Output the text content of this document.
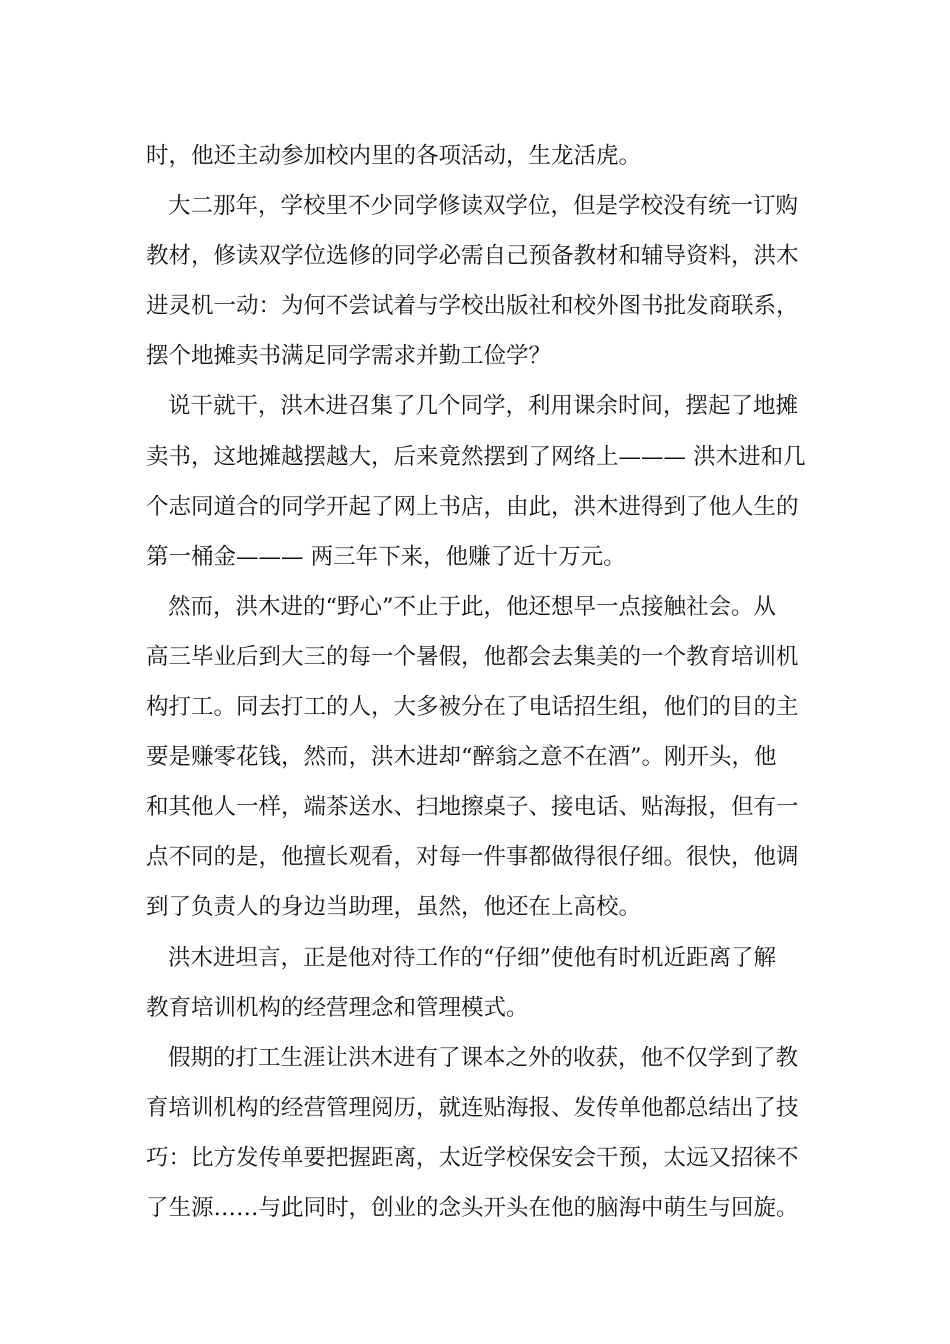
时，他还主动参加校内里的各项活动，生龙活虎。
大二那年，学校里不少同学修读双学位，但是学校没有统一订购
教材，修读双学位选修的同学必需自己预备教材和辅导资料，洪木
进灵机一动：为何不尝试着与学校出版社和校外图书批发商联系，
摆个地摊卖书满足同学需求并勤工俭学？
说干就干，洪木进召集了几个同学，利用课余时间，摆起了地摊
卖书，这地摊越摆越大，后来竟然摆到了网络上——— 洪木进和几
个志同道合的同学开起了网上书店，由此，洪木进得到了他人生的
第一桶金——— 两三年下来，他赚了近十万元。
然而，洪木进的“野心”不止于此，他还想早一点接触社会。从
高三毕业后到大三的每一个暑假，他都会去集美的一个教育培训机
构打工。同去打工的人，大多被分在了电话招生组，他们的目的主
要是赚零花钱，然而，洪木进却“醉翁之意不在酒”。刚开头，他
和其他人一样，端茶送水、扫地擦桌子、接电话、贴海报，但有一
点不同的是，他擅长观看，对每一件事都做得很仔细。很快，他调
到了负责人的身边当助理，虽然，他还在上高校。
洪木进坦言，正是他对待工作的“仔细”使他有时机近距离了解
教育培训机构的经营理念和管理模式。
假期的打工生涯让洪木进有了课本之外的收获，他不仅学到了教
育培训机构的经营管理阅历，就连贴海报、发传单他都总结出了技
巧：比方发传单要把握距离，太近学校保安会干预，太远又招徕不
了生源……与此同时，创业的念头开头在他的脑海中萌生与回旋。
